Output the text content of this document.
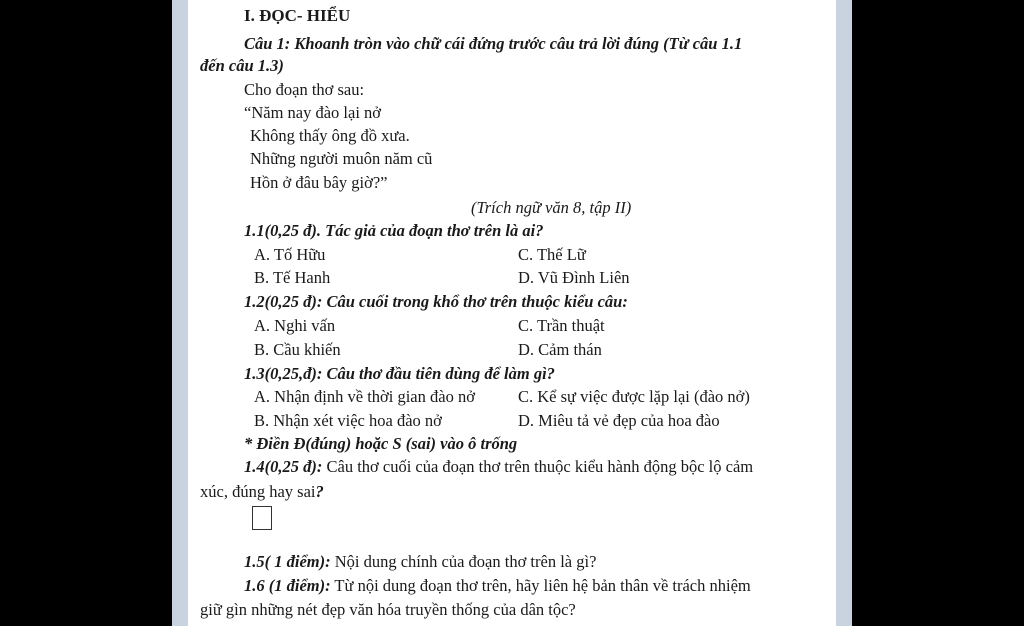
I. ĐỌC- HIỂU
Câu 1: Khoanh tròn vào chữ cái đứng trước câu trả lời đúng (Từ câu 1.1
đến câu 1.3)
Cho đoạn thơ sau:
“Năm nay đào lại nở
Không thấy ông đồ xưa.
Những người muôn năm cũ
Hồn ở đâu bây giờ?”
(Trích ngữ văn 8, tập II)
1.1(0,25 đ). Tác giả của đoạn thơ trên là ai?
A. Tố Hữu	C. Thế Lữ
B. Tế Hanh	D. Vũ Đình Liên
1.2(0,25 đ): Câu cuối trong khổ thơ trên thuộc kiểu câu:
A. Nghi vấn	C. Trần thuật
B. Cầu khiến	D. Cảm thán
1.3(0,25,đ): Câu thơ đầu tiên dùng để làm gì?
A. Nhận định về thời gian đào nở	C. Kể sự việc được lặp lại (đào nở)
B. Nhận xét việc hoa đào nở	D. Miêu tả vẻ đẹp của hoa đào
* Điền Đ(đúng) hoặc S (sai) vào ô trống
1.4(0,25 đ): Câu thơ cuối của đoạn thơ trên thuộc kiểu hành động bộc lộ cảm
xúc, đúng hay sai?
1.5( 1 điểm): Nội dung chính của đoạn thơ trên là gì?
1.6 (1 điểm): Từ nội dung đoạn thơ trên, hãy liên hệ bản thân về trách nhiệm
giữ gìn những nét đẹp văn hóa truyền thống của dân tộc?
